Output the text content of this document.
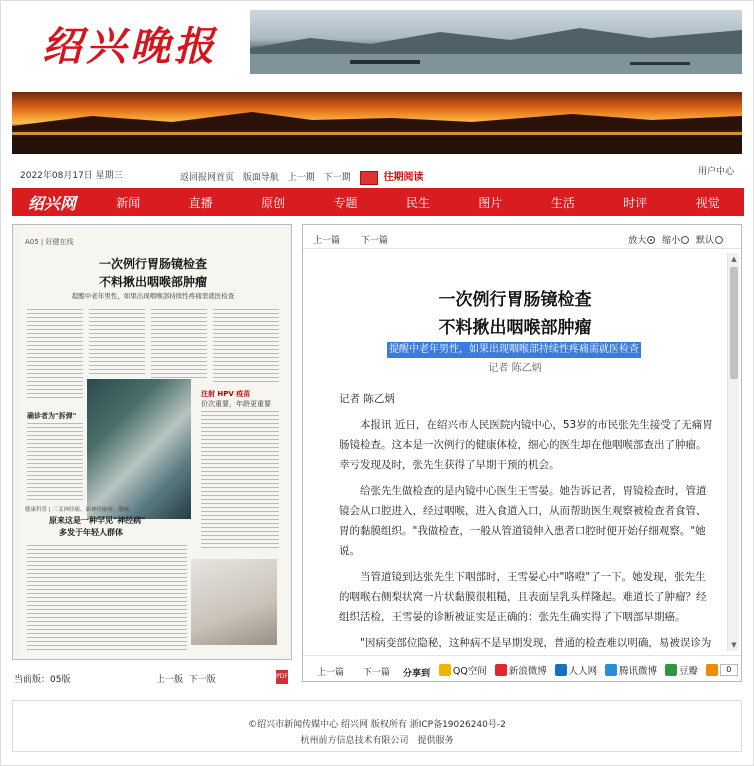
绍兴晚报
2022年08月17日 星期三	返回报网首页 版面导航 上一期 下一期	往期阅读	用户中心
绍兴网	新闻	直播	原创	专题	民生	图片	生活	时评	视觉
A05 | 好健在线
一次例行胃肠镜检查
不料揪出咽喉部肿瘤
提醒中老年男性，如果出现咽喉部持续性疼痛需就医检查
注射 HPV 疫苗
价次重要，年龄更重要
确诊者为"拆弹"
健康科普 | 三叉神经痛、面神经麻痹，腰麻
原来这是一种罕见"神经病"
多发于年轻人群体
当前版：05版	上一版 下一版	PDF
上一篇 下一篇	放大 缩小 默认
一次例行胃肠镜检查
不料揪出咽喉部肿瘤
提醒中老年男性，如果出现咽喉部持续性疼痛需就医检查
记者 陈乙炳

记者 陈乙炳

本报讯 近日，在绍兴市人民医院内镜中心，53岁的市民张先生接受了无痛胃肠镜检查。这本是一次例行的健康体检，细心的医生却在他咽喉部查出了肿瘤。幸亏发现及时，张先生获得了早期干预的机会。

给张先生做检查的是内镜中心医生王雪晏。她告诉记者，胃镜检查时，管道镜会从口腔进入，经过咽喉，进入食道入口，从而帮助医生观察被检查者食管、胃的黏膜组织。"我做检查，一般从管道镜伸入患者口腔时便开始仔细观察。"她说。

当管道镜到达张先生下咽部时，王雪晏心中"咯噔"了一下。她发现，张先生的咽喉右侧梨状窝一片状黏膜很粗糙，且表面呈乳头样隆起。难道长了肿瘤？经组织活检，王雪晏的诊断被证实是正确的：张先生确实得了下咽部早期癌。

"因病变部位隐秘，这种病不是早期发现，普通的检查难以明确，易被误诊为

▲
▼
上一篇 下一篇	分享到 QQ空间
新浪微博
人人网
腾讯微博
豆瓣
	0
©绍兴市新闻传媒中心 绍兴网 版权所有 浙ICP备19026240号-2
杭州前方信息技术有限公司　提供服务
